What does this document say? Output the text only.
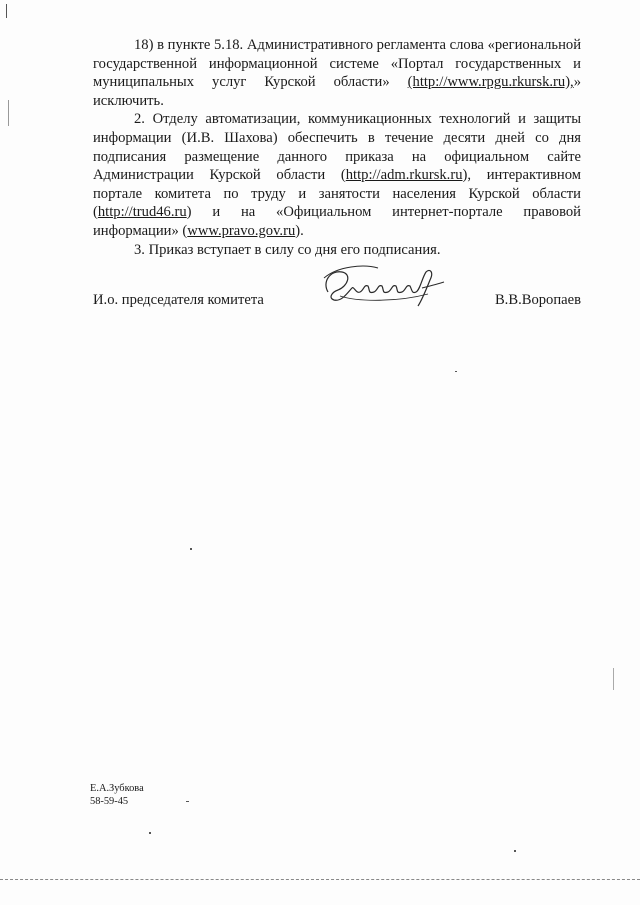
18) в пункте 5.18. Административного регламента слова «региональной государственной информационной системе «Портал государственных и муниципальных услуг Курской области» (http://www.rpgu.rkursk.ru),» исключить.

2. Отделу автоматизации, коммуникационных технологий и защиты информации (И.В. Шахова) обеспечить в течение десяти дней со дня подписания размещение данного приказа на официальном сайте Администрации Курской области (http://adm.rkursk.ru), интерактивном портале комитета по труду и занятости населения Курской области (http://trud46.ru) и на «Официальном интернет-портале правовой информации» (www.pravo.gov.ru).

3. Приказ вступает в силу со дня его подписания.

И.о. председателя комитета	В.В.Воропаев
Е.А.Зубкова
58-59-45
